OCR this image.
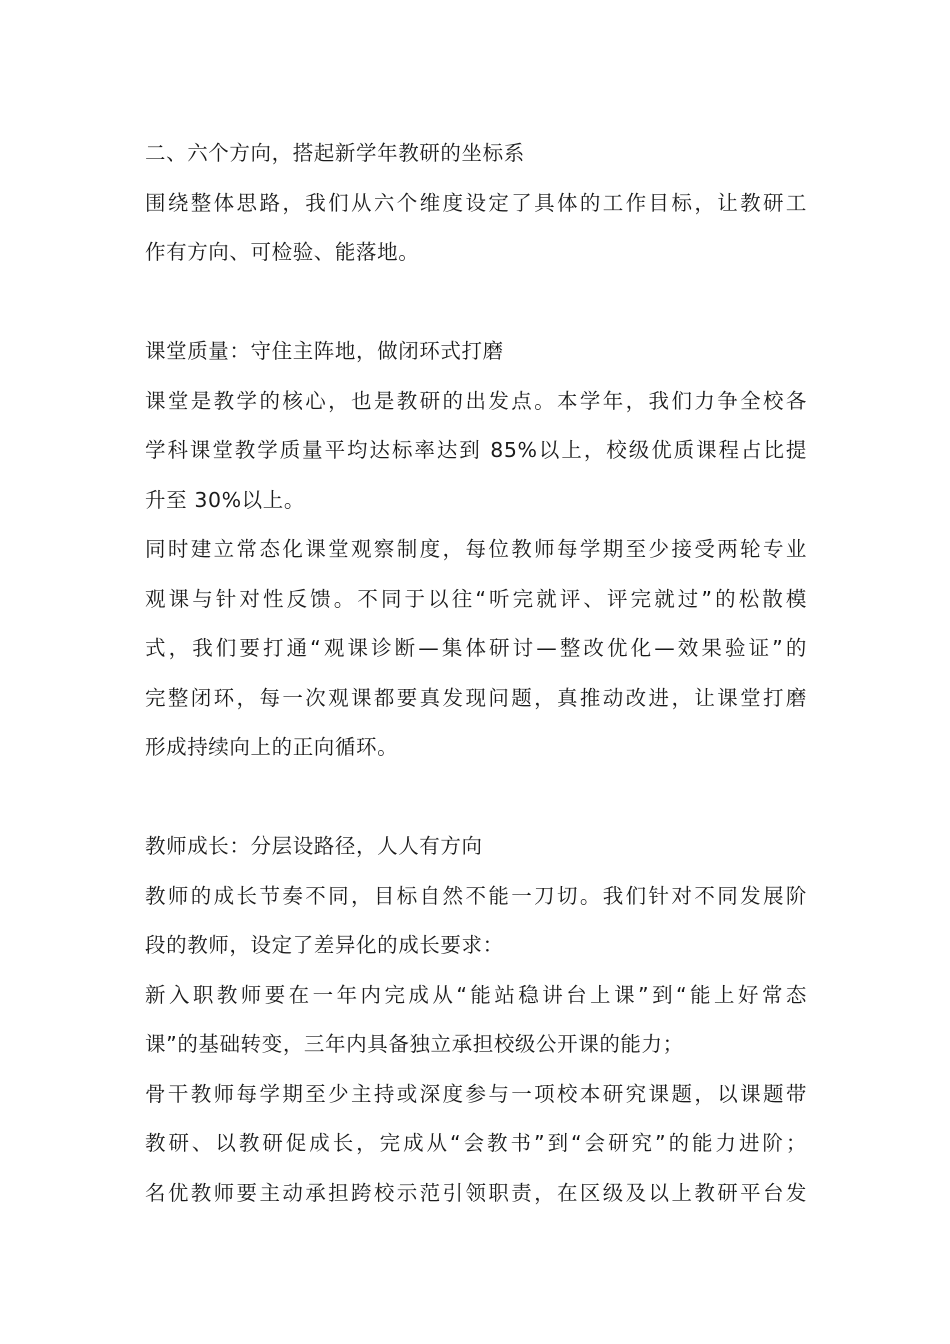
二、六个方向，搭起新学年教研的坐标系
围绕整体思路，我们从六个维度设定了具体的工作目标，让教研工
作有方向、可检验、能落地。
课堂质量：守住主阵地，做闭环式打磨
课堂是教学的核心，也是教研的出发点。本学年，我们力争全校各
学科课堂教学质量平均达标率达到 85%以上，校级优质课程占比提
升至 30%以上。
同时建立常态化课堂观察制度，每位教师每学期至少接受两轮专业
观课与针对性反馈。不同于以往“听完就评、评完就过”的松散模
式，我们要打通“观课诊断—集体研讨—整改优化—效果验证”的
完整闭环，每一次观课都要真发现问题，真推动改进，让课堂打磨
形成持续向上的正向循环。
教师成长：分层设路径，人人有方向
教师的成长节奏不同，目标自然不能一刀切。我们针对不同发展阶
段的教师，设定了差异化的成长要求：
新入职教师要在一年内完成从“能站稳讲台上课”到“能上好常态
课”的基础转变，三年内具备独立承担校级公开课的能力；
骨干教师每学期至少主持或深度参与一项校本研究课题，以课题带
教研、以教研促成长，完成从“会教书”到“会研究”的能力进阶；
名优教师要主动承担跨校示范引领职责，在区级及以上教研平台发
